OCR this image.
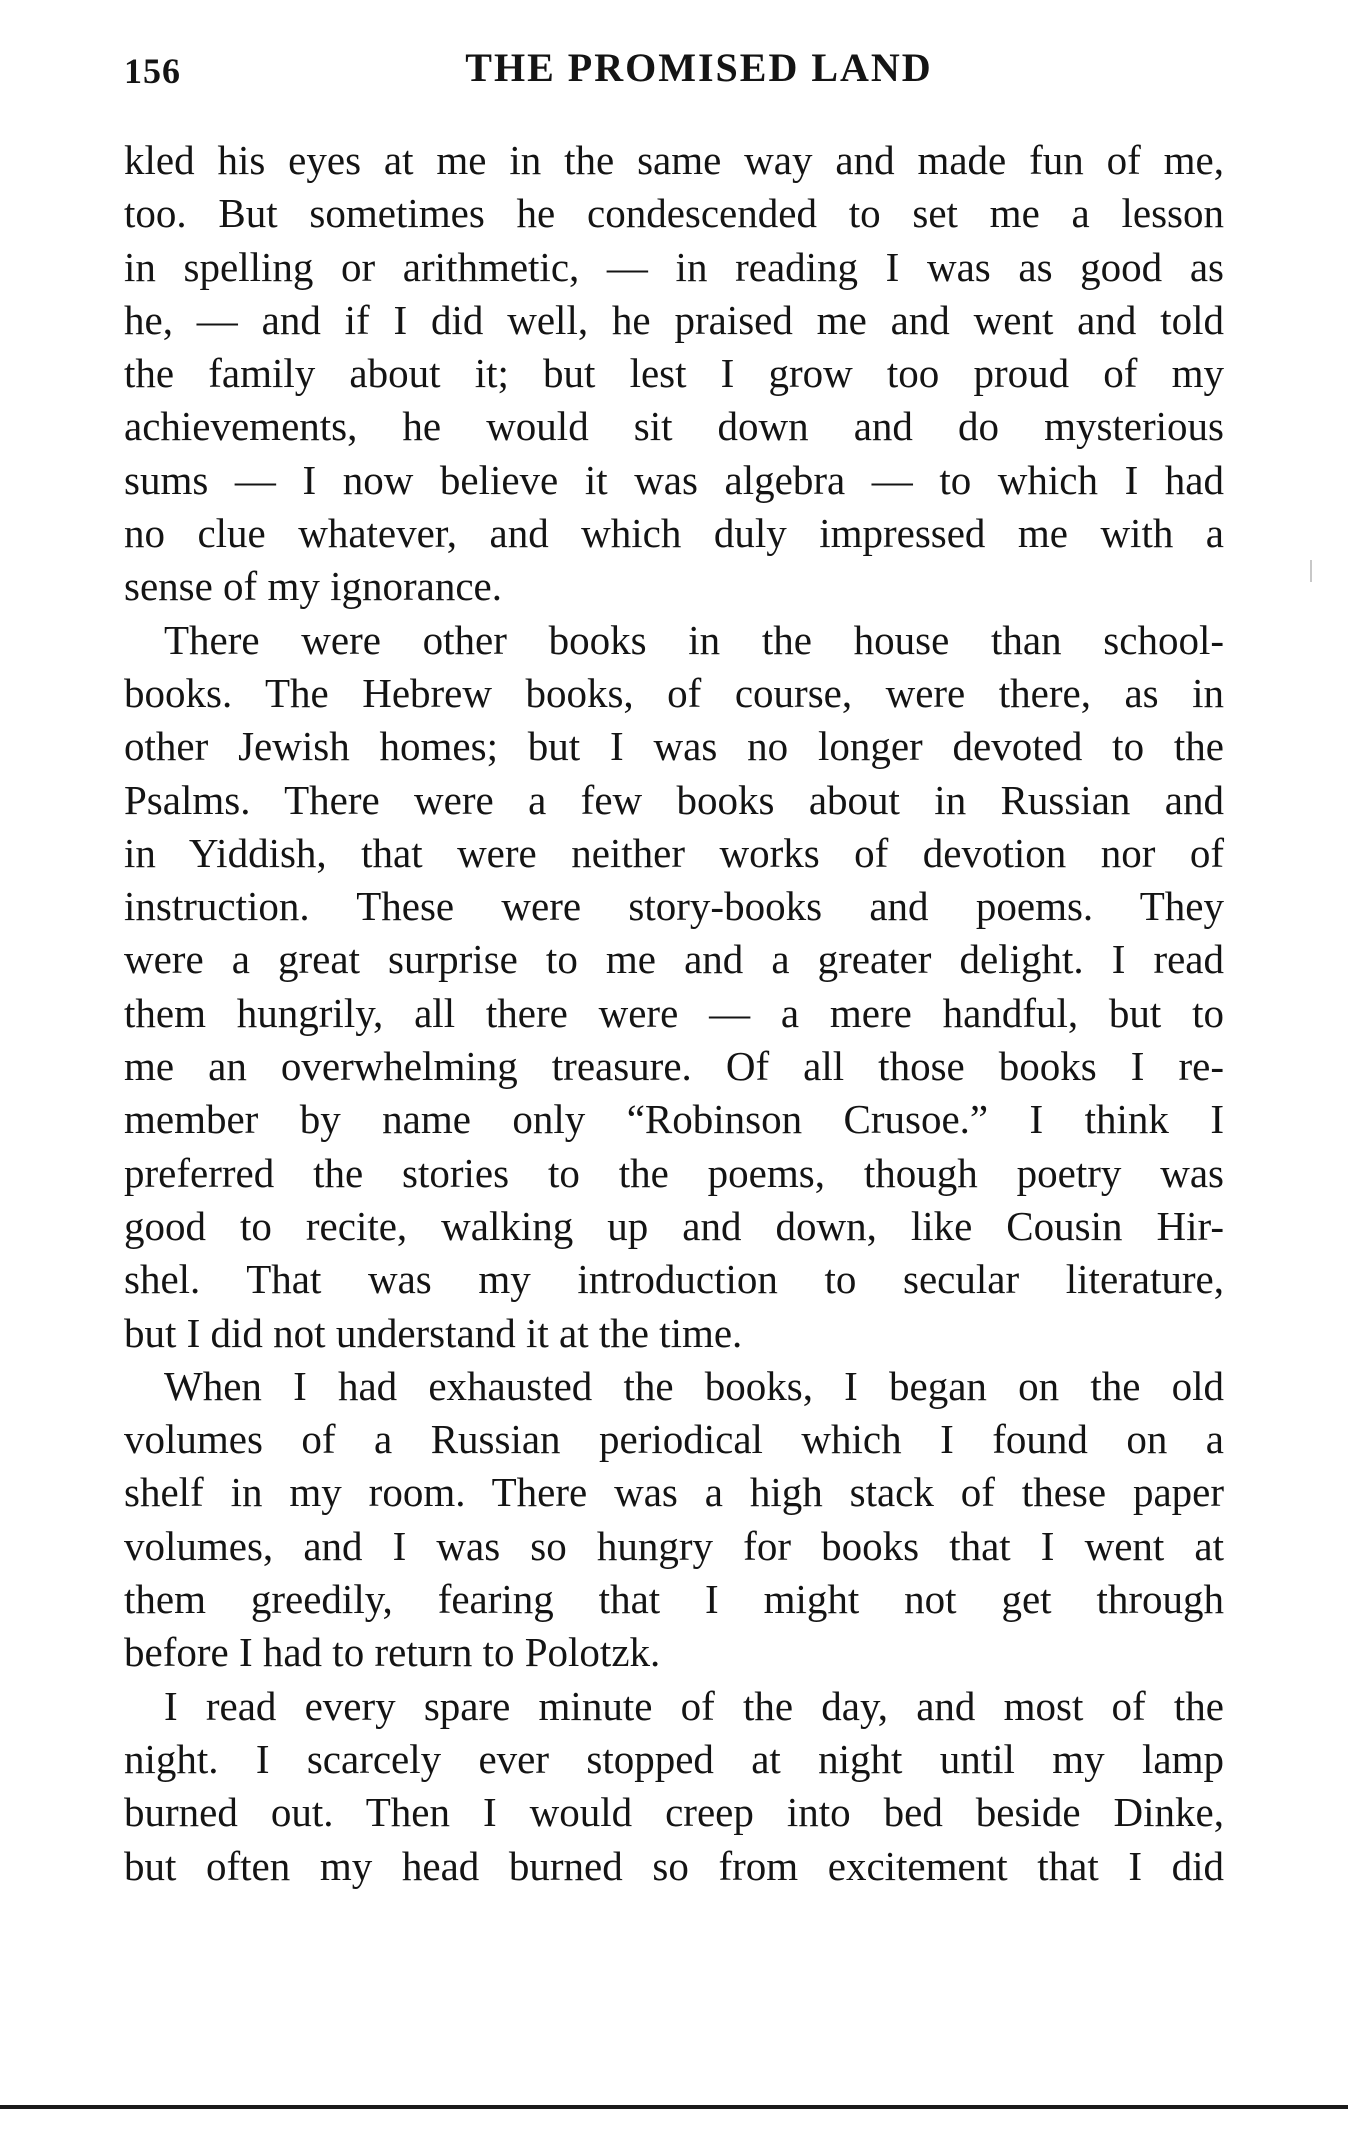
156	THE PROMISED LAND
kled his eyes at me in the same way and made fun of me,
too. But sometimes he condescended to set me a lesson
in spelling or arithmetic, — in reading I was as good as
he, — and if I did well, he praised me and went and told
the family about it; but lest I grow too proud of my
achievements, he would sit down and do mysterious
sums — I now believe it was algebra — to which I had
no clue whatever, and which duly impressed me with a
sense of my ignorance.
There were other books in the house than school-
books. The Hebrew books, of course, were there, as in
other Jewish homes; but I was no longer devoted to the
Psalms. There were a few books about in Russian and
in Yiddish, that were neither works of devotion nor of
instruction. These were story-books and poems. They
were a great surprise to me and a greater delight. I read
them hungrily, all there were — a mere handful, but to
me an overwhelming treasure. Of all those books I re-
member by name only “Robinson Crusoe.” I think I
preferred the stories to the poems, though poetry was
good to recite, walking up and down, like Cousin Hir-
shel. That was my introduction to secular literature,
but I did not understand it at the time.
When I had exhausted the books, I began on the old
volumes of a Russian periodical which I found on a
shelf in my room. There was a high stack of these paper
volumes, and I was so hungry for books that I went at
them greedily, fearing that I might not get through
before I had to return to Polotzk.
I read every spare minute of the day, and most of the
night. I scarcely ever stopped at night until my lamp
burned out. Then I would creep into bed beside Dinke,
but often my head burned so from excitement that I did
